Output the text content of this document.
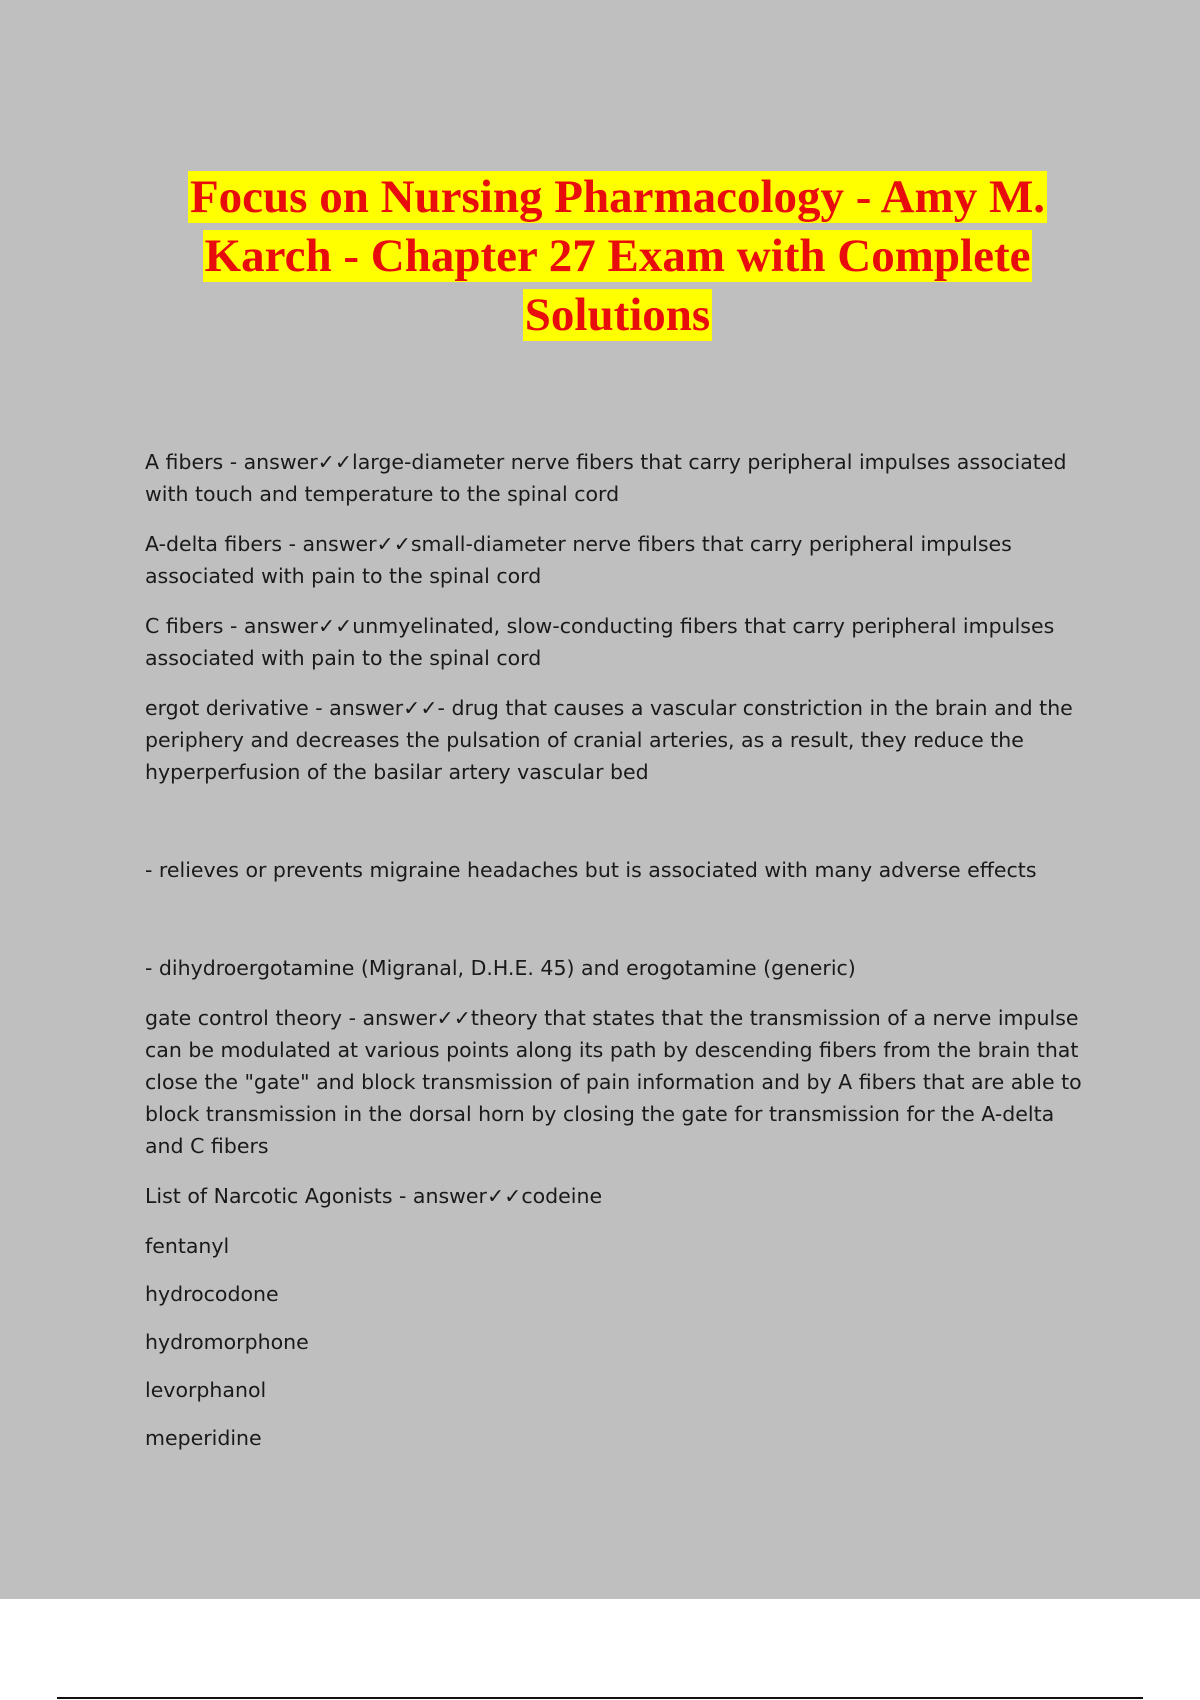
Focus on Nursing Pharmacology - Amy M. Karch - Chapter 27 Exam with Complete Solutions

A fibers - answer✓✓large-diameter nerve fibers that carry peripheral impulses associated with touch and temperature to the spinal cord

A-delta fibers - answer✓✓small-diameter nerve fibers that carry peripheral impulses associated with pain to the spinal cord

C fibers - answer✓✓unmyelinated, slow-conducting fibers that carry peripheral impulses associated with pain to the spinal cord

ergot derivative - answer✓✓- drug that causes a vascular constriction in the brain and the periphery and decreases the pulsation of cranial arteries, as a result, they reduce the hyperperfusion of the basilar artery vascular bed

- relieves or prevents migraine headaches but is associated with many adverse effects

- dihydroergotamine (Migranal, D.H.E. 45) and erogotamine (generic)

gate control theory - answer✓✓theory that states that the transmission of a nerve impulse can be modulated at various points along its path by descending fibers from the brain that close the "gate" and block transmission of pain information and by A fibers that are able to block transmission in the dorsal horn by closing the gate for transmission for the A-delta and C fibers

List of Narcotic Agonists - answer✓✓codeine

fentanyl

hydrocodone

hydromorphone

levorphanol

meperidine
